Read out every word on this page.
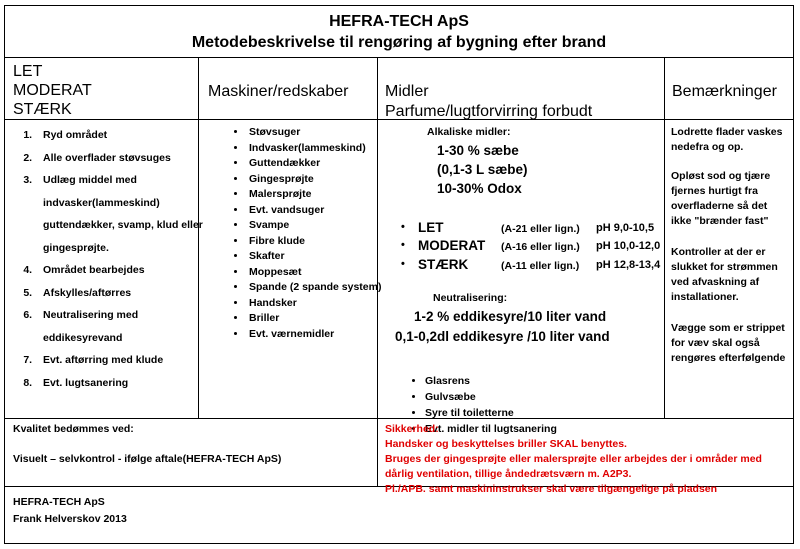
HEFRA-TECH ApS
Metodebeskrivelse til rengøring af bygning efter brand
LET
MODERAT
STÆRK
Maskiner/redskaber Midler
Parfume/lugtforvirring forbudt
Bemærkninger
1. Ryd området
2. Alle overflader støvsuges
3. Udlæg middel med indvasker(lammeskind) guttendækker, svamp, klud eller gingesprøjte.
4. Området bearbejdes
5. Afskylles/aftørres
6. Neutralisering med eddikesyrevand
7. Evt. aftørring med klude
8. Evt. lugtsanering
• Støvsuger
• Indvasker(lammeskind)
• Guttendækker
• Gingesprøjte
• Malersprøjte
• Evt. vandsuger
• Svampe
• Fibre klude
• Skafter
• Moppesæt
• Spande (2 spande system)
• Handsker
• Briller
• Evt. værnemidler
Alkaliske midler:
1-30 % sæbe
(0,1-3 L sæbe)
10-30% Odox
• LET	(A-21 eller lign.) pH 9,0-10,5
• MODERAT (A-16 eller lign.) pH 10,0-12,0
• STÆRK	(A-11 eller lign.) pH 12,8-13,4
Neutralisering:
1-2 % eddikesyre/10 liter vand
0,1-0,2dl eddikesyre /10 liter vand
• Glasrens
• Gulvsæbe
• Syre til toiletterne
• Evt. midler til lugtsanering
Lodrette flader vaskes nedefra og op.
Opløst sod og tjære fjernes hurtigt fra overfladerne så det ikke "brænder fast"
Kontroller at der er slukket for strømmen ved afvaskning af installationer.
Vægge som er strippet for væv skal også rengøres efterfølgende
Kvalitet bedømmes ved:
Visuelt – selvkontrol - ifølge aftale(HEFRA-TECH ApS)
Sikkerhed:
Handsker og beskyttelses briller SKAL benyttes.
Bruges der gingesprøjte eller malersprøjte eller arbejdes der i områder med dårlig ventilation, tillige åndedrætsværn m. A2P3.
Pl./APB. samt maskininstrukser skal være tilgængelige på pladsen
HEFRA-TECH ApS
Frank Helverskov 2013
